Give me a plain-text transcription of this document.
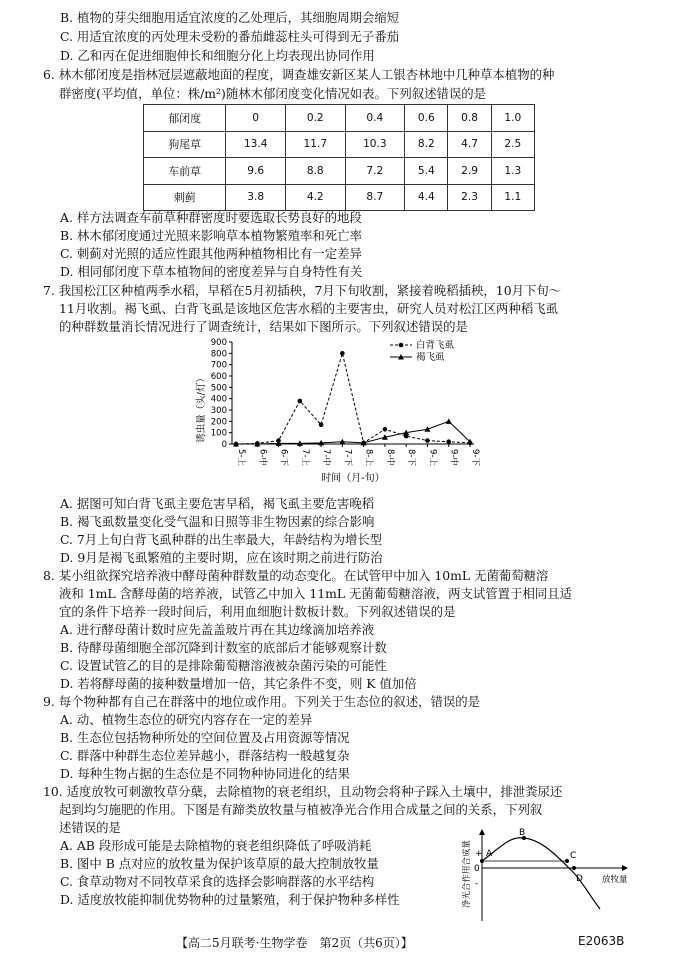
B. 植物的芽尖细胞用适宜浓度的乙处理后，其细胞周期会缩短
C. 用适宜浓度的丙处理未受粉的番茄雌蕊柱头可得到无子番茄
D. 乙和丙在促进细胞伸长和细胞分化上均表现出协同作用
6. 林木郁闭度是指林冠层遮蔽地面的程度，调查雄安新区某人工银杏林地中几种草本植物的种
群密度(平均值，单位：株/m²)随林木郁闭度变化情况如表。下列叙述错误的是
郁闭度	0	0.2	0.4	0.6	0.8	1.0
狗尾草	13.4	11.7	10.3	8.2	4.7	2.5
车前草	9.6	8.8	7.2	5.4	2.9	1.3
刺蓟	3.8	4.2	8.7	4.4	2.3	1.1
A. 样方法调查车前草种群密度时要选取长势良好的地段
B. 林木郁闭度通过光照来影响草本植物繁殖率和死亡率
C. 刺蓟对光照的适应性跟其他两种植物相比有一定差异
D. 相同郁闭度下草本植物间的密度差异与自身特性有关
7. 我国松江区种植两季水稻，早稻在5月初插秧，7月下旬收割，紧接着晚稻插秧，10月下旬～
11月收割。褐飞虱、白背飞虱是该地区危害水稻的主要害虫，研究人员对松江区两种稻飞虱
的种群数量消长情况进行了调查统计，结果如下图所示。下列叙述错误的是
0
100
200
300
400
500
600
700
800
900
5-上 6-中 6-下 7-上 7-中 7-下 8-上 8-中 8-下 9-上 9-中 9-下
诱虫量（头/灯）
时间（月-旬）
白背飞虱
褐飞虱
A. 据图可知白背飞虱主要危害早稻，褐飞虱主要危害晚稻
B. 褐飞虱数量变化受气温和日照等非生物因素的综合影响
C. 7月上旬白背飞虱种群的出生率最大，年龄结构为增长型
D. 9月是褐飞虱繁殖的主要时期，应在该时期之前进行防治
8. 某小组欲探究培养液中酵母菌种群数量的动态变化。在试管甲中加入 10mL 无菌葡萄糖溶
液和 1mL 含酵母菌的培养液，试管乙中加入 11mL 无菌葡萄糖溶液，两支试管置于相同且适
宜的条件下培养一段时间后，利用血细胞计数板计数。下列叙述错误的是
A. 进行酵母菌计数时应先盖盖玻片再在其边缘滴加培养液
B. 待酵母菌细胞全部沉降到计数室的底部后才能够观察计数
C. 设置试管乙的目的是排除葡萄糖溶液被杂菌污染的可能性
D. 若将酵母菌的接种数量增加一倍，其它条件不变，则 K 值加倍
9. 每个物种都有自己在群落中的地位或作用。下列关于生态位的叙述，错误的是
A. 动、植物生态位的研究内容存在一定的差异
B. 生态位包括物种所处的空间位置及占用资源等情况
C. 群落中种群生态位差异越小，群落结构一般越复杂
D. 每种生物占据的生态位是不同物种协同进化的结果
10. 适度放牧可刺激牧草分蘖，去除植物的衰老组织，且动物会将种子踩入土壤中，排泄粪尿还
起到均匀施肥的作用。下图是有蹄类放牧量与植被净光合作用合成量之间的关系，下列叙
述错误的是
A. AB 段形成可能是去除植物的衰老组织降低了呼吸消耗
B. 图中 B 点对应的放牧量为保护该草原的最大控制放牧量
C. 食草动物对不同牧草采食的选择会影响群落的水平结构
D. 适度放牧能抑制优势物种的过量繁殖，利于保护物种多样性
A
B
C
D
+
0
-	放牧量
净光合作用合成量
【高二5月联考·生物学卷　第2页（共6页）】	E2063B
